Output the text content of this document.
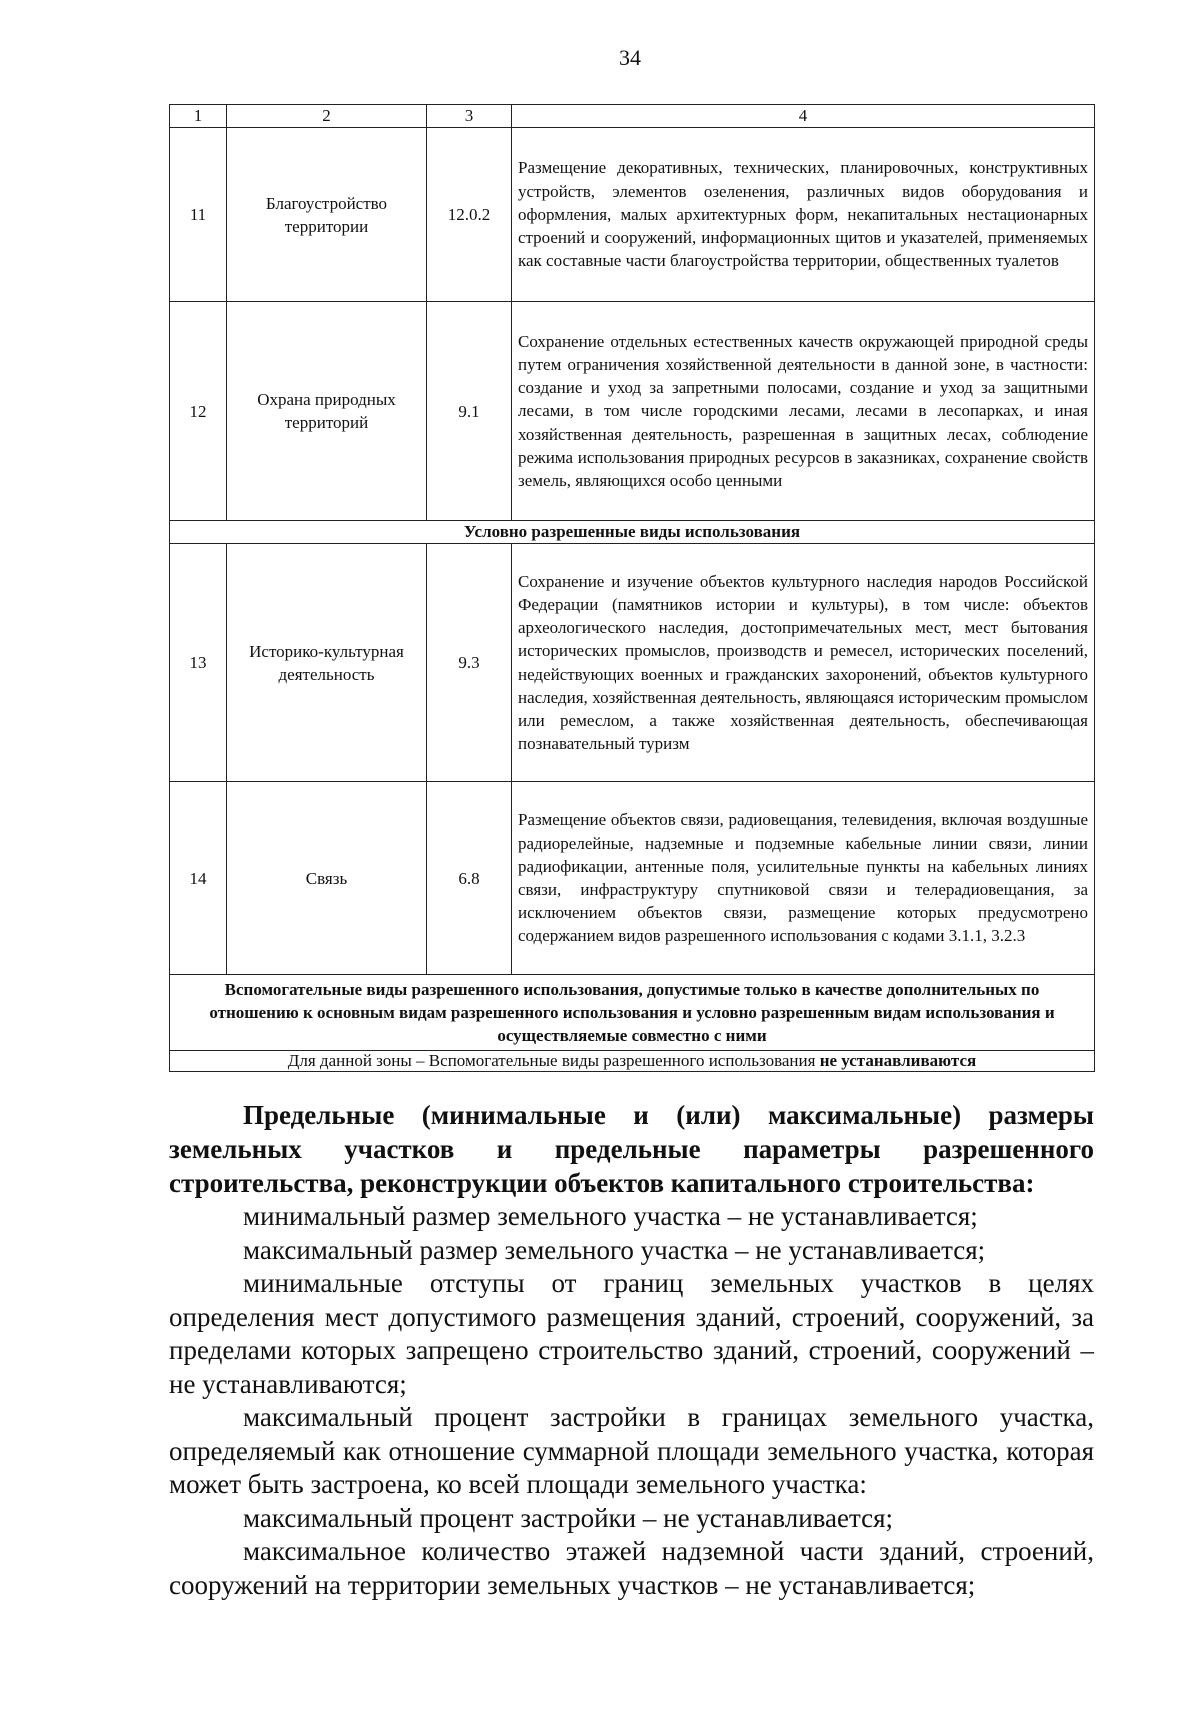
34
1	2	3	4
11	Благоустройство территории	12.0.2	Размещение декоративных, технических, планировочных, конструктивных устройств, элементов озеленения, различных видов оборудования и оформления, малых архитектурных форм, некапитальных нестационарных строений и сооружений, информационных щитов и указателей, применяемых как составные части благоустройства территории, общественных туалетов
12	Охрана природных территорий	9.1	Сохранение отдельных естественных качеств окружающей природной среды путем ограничения хозяйственной деятельности в данной зоне, в частности: создание и уход за запретными полосами, создание и уход за защитными лесами, в том числе городскими лесами, лесами в лесопарках, и иная хозяйственная деятельность, разрешенная в защитных лесах, соблюдение режима использования природных ресурсов в заказниках, сохранение свойств земель, являющихся особо ценными
Условно разрешенные виды использования			
13	Историко-культурная деятельность	9.3	Сохранение и изучение объектов культурного наследия народов Российской Федерации (памятников истории и культуры), в том числе: объектов археологического наследия, достопримечательных мест, мест бытования исторических промыслов, производств и ремесел, исторических поселений, недействующих военных и гражданских захоронений, объектов культурного наследия, хозяйственная деятельность, являющаяся историческим промыслом или ремеслом, а также хозяйственная деятельность, обеспечивающая познавательный туризм
14	Связь	6.8	Размещение объектов связи, радиовещания, телевидения, включая воздушные радиорелейные, надземные и подземные кабельные линии связи, линии радиофикации, антенные поля, усилительные пункты на кабельных линиях связи, инфраструктуру спутниковой связи и телерадиовещания, за исключением объектов связи, размещение которых предусмотрено содержанием видов разрешенного использования с кодами 3.1.1, 3.2.3
Вспомогательные виды разрешенного использования, допустимые только в качестве дополнительных по отношению к основным видам разрешенного использования и условно разрешенным видам использования и осуществляемые совместно с ними			
Для данной зоны – Вспомогательные виды разрешенного использования не устанавливаются			

Предельные (минимальные и (или) максимальные) размеры земельных участков и предельные параметры разрешенного строительства, реконструкции объектов капитального строительства:

минимальный размер земельного участка – не устанавливается;

максимальный размер земельного участка – не устанавливается;

минимальные отступы от границ земельных участков в целях определения мест допустимого размещения зданий, строений, сооружений, за пределами которых запрещено строительство зданий, строений, сооружений – не устанавливаются;

максимальный процент застройки в границах земельного участка, определяемый как отношение суммарной площади земельного участка, которая может быть застроена, ко всей площади земельного участка:

максимальный процент застройки – не устанавливается;

максимальное количество этажей надземной части зданий, строений, сооружений на территории земельных участков – не устанавливается;
